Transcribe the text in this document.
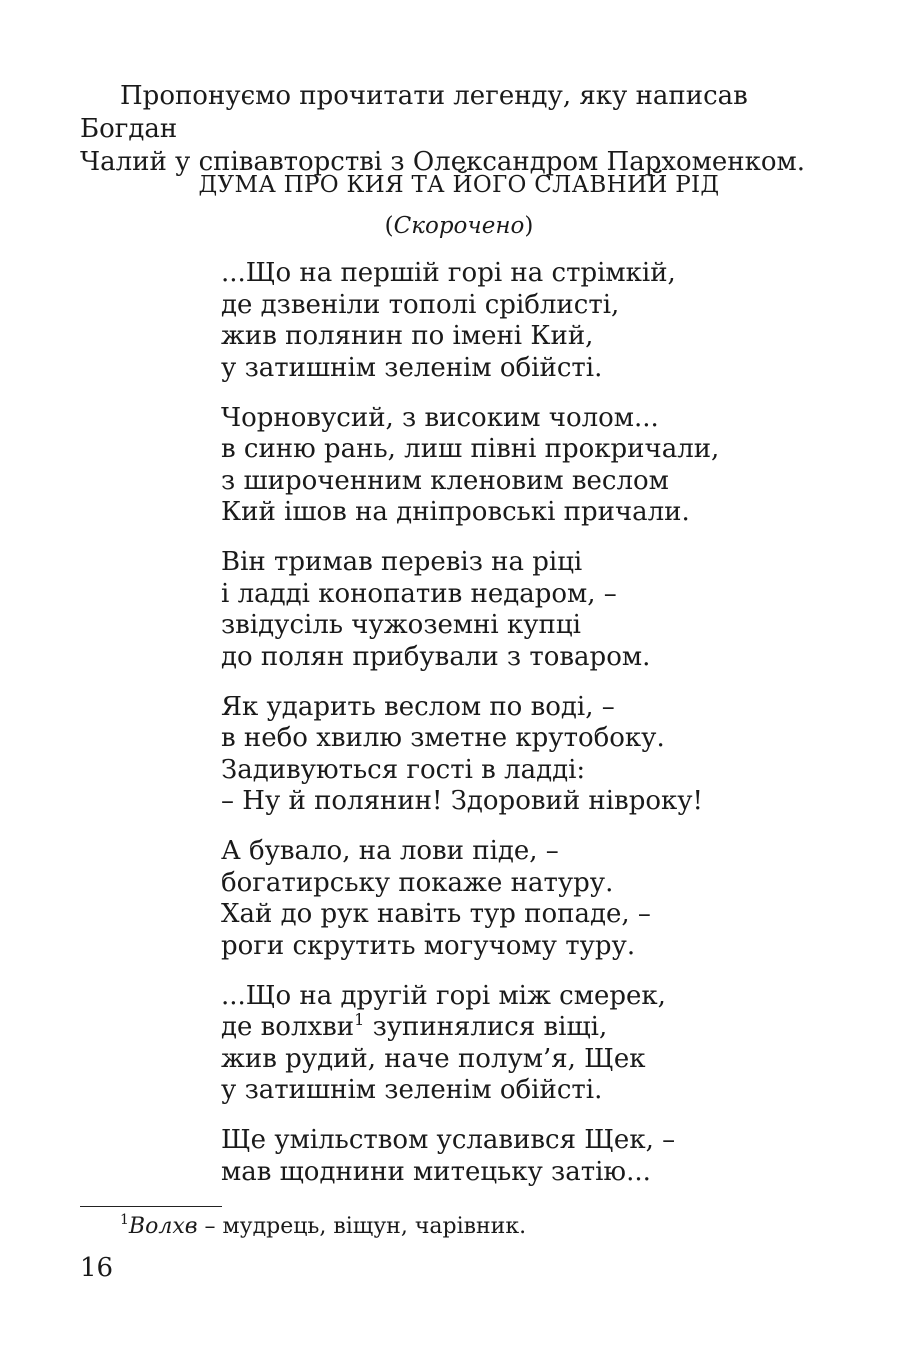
Пропонуємо прочитати легенду, яку написав Богдан
Чалий у співавторстві з Олександром Пархоменком.

ДУМА ПРО КИЯ ТА ЙОГО СЛАВНИЙ РІД

(Скорочено)

...Що на першій горі на стрімкій,
де дзвеніли тополі сріблисті,
жив полянин по імені Кий,
у затишнім зеленім обійсті.
Чорновусий, з високим чолом...
в синю рань, лиш півні прокричали,
з широченним кленовим веслом
Кий ішов на дніпровські причали.
Він тримав перевіз на ріці
і ладді конопатив недаром, –
звідусіль чужоземні купці
до полян прибували з товаром.
Як ударить веслом по воді, –
в небо хвилю зметне крутобоку.
Задивуються гості в ладді:
– Ну й полянин! Здоровий нівроку!
А бувало, на лови піде, –
богатирську покаже натуру.
Хай до рук навіть тур попаде, –
роги скрутить могучому туру.
...Що на другій горі між смерек,
де волхви$^1$ зупинялися віщі,
жив рудий, наче полум’я, Щек
у затишнім зеленім обійсті.
Ще умільством уславився Щек, –
мав щоднини митецьку затію...
$^1$Волхв – мудрець, віщун, чарівник.
16
